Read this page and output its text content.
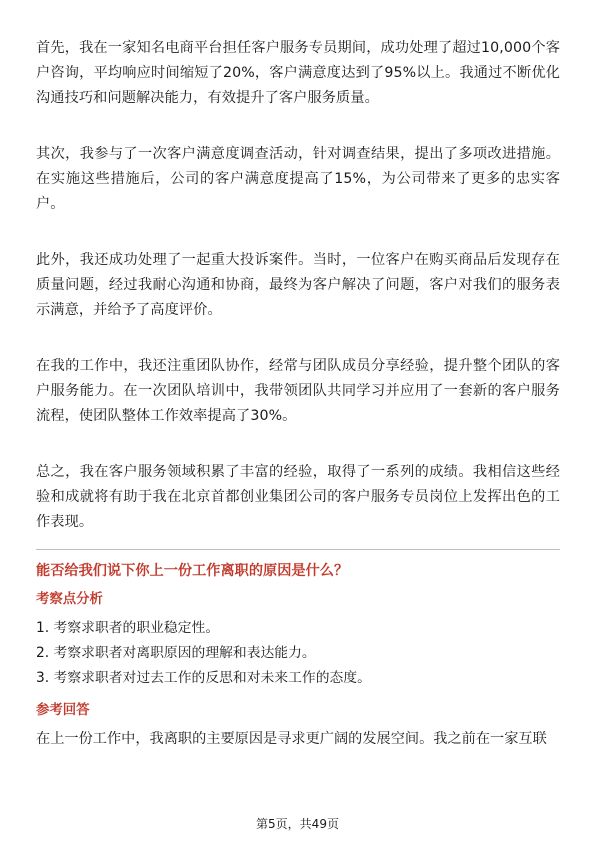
首先，我在一家知名电商平台担任客户服务专员期间，成功处理了超过10,000个客户咨询，平均响应时间缩短了20%，客户满意度达到了95%以上。我通过不断优化沟通技巧和问题解决能力，有效提升了客户服务质量。

其次，我参与了一次客户满意度调查活动，针对调查结果，提出了多项改进措施。在实施这些措施后，公司的客户满意度提高了15%，为公司带来了更多的忠实客户。

此外，我还成功处理了一起重大投诉案件。当时，一位客户在购买商品后发现存在质量问题，经过我耐心沟通和协商，最终为客户解决了问题，客户对我们的服务表示满意，并给予了高度评价。

在我的工作中，我还注重团队协作，经常与团队成员分享经验，提升整个团队的客户服务能力。在一次团队培训中，我带领团队共同学习并应用了一套新的客户服务流程，使团队整体工作效率提高了30%。

总之，我在客户服务领域积累了丰富的经验，取得了一系列的成绩。我相信这些经验和成就将有助于我在北京首都创业集团公司的客户服务专员岗位上发挥出色的工作表现。

能否给我们说下你上一份工作离职的原因是什么？
考察点分析
1. 考察求职者的职业稳定性。
2. 考察求职者对离职原因的理解和表达能力。
3. 考察求职者对过去工作的反思和对未来工作的态度。
参考回答

在上一份工作中，我离职的主要原因是寻求更广阔的发展空间。我之前在一家互联

第5页，共49页
